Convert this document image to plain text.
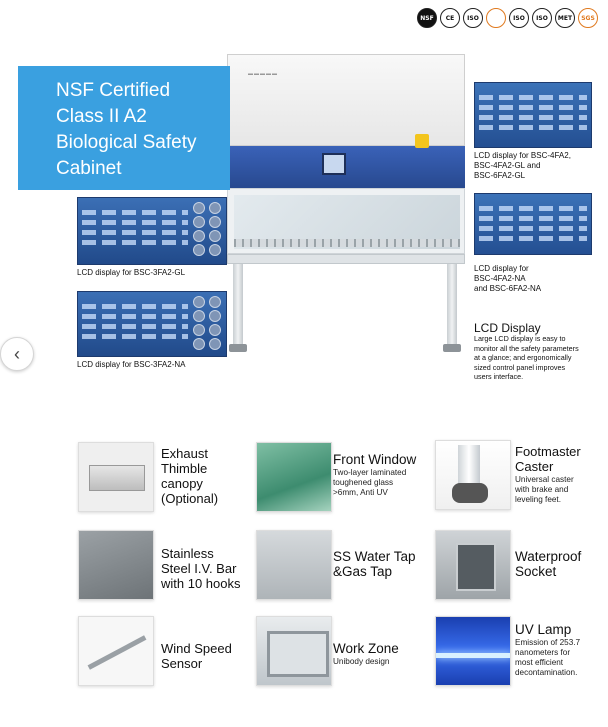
NSF	CE	ISO	ISO	ISO	MET	SGS
▬▬▬▬▬
NSF Certified
Class II A2
Biological Safety
Cabinet
LCD display for BSC-3FA2-GL
LCD display for BSC-3FA2-NA
LCD display for BSC-4FA2,
BSC-4FA2-GL and
BSC-6FA2-GL
LCD display for
BSC-4FA2-NA
and BSC-6FA2-NA
LCD Display
Large LCD display is easy to
monitor all the safety parameters
at a glance; and ergonomically
sized control panel improves
users interface.
‹
Exhaust
Thimble
canopy
(Optional)
Front Window
Two-layer laminated
toughened glass
>6mm, Anti UV
Footmaster
Caster
Universal caster
with brake and
leveling feet.
Stainless
Steel I.V. Bar
with 10 hooks
SS Water Tap
&Gas Tap
Waterproof
Socket
Wind Speed
Sensor
Work Zone
Unibody design
UV Lamp
Emission of 253.7
nanometers for
most efficient
decontamination.
